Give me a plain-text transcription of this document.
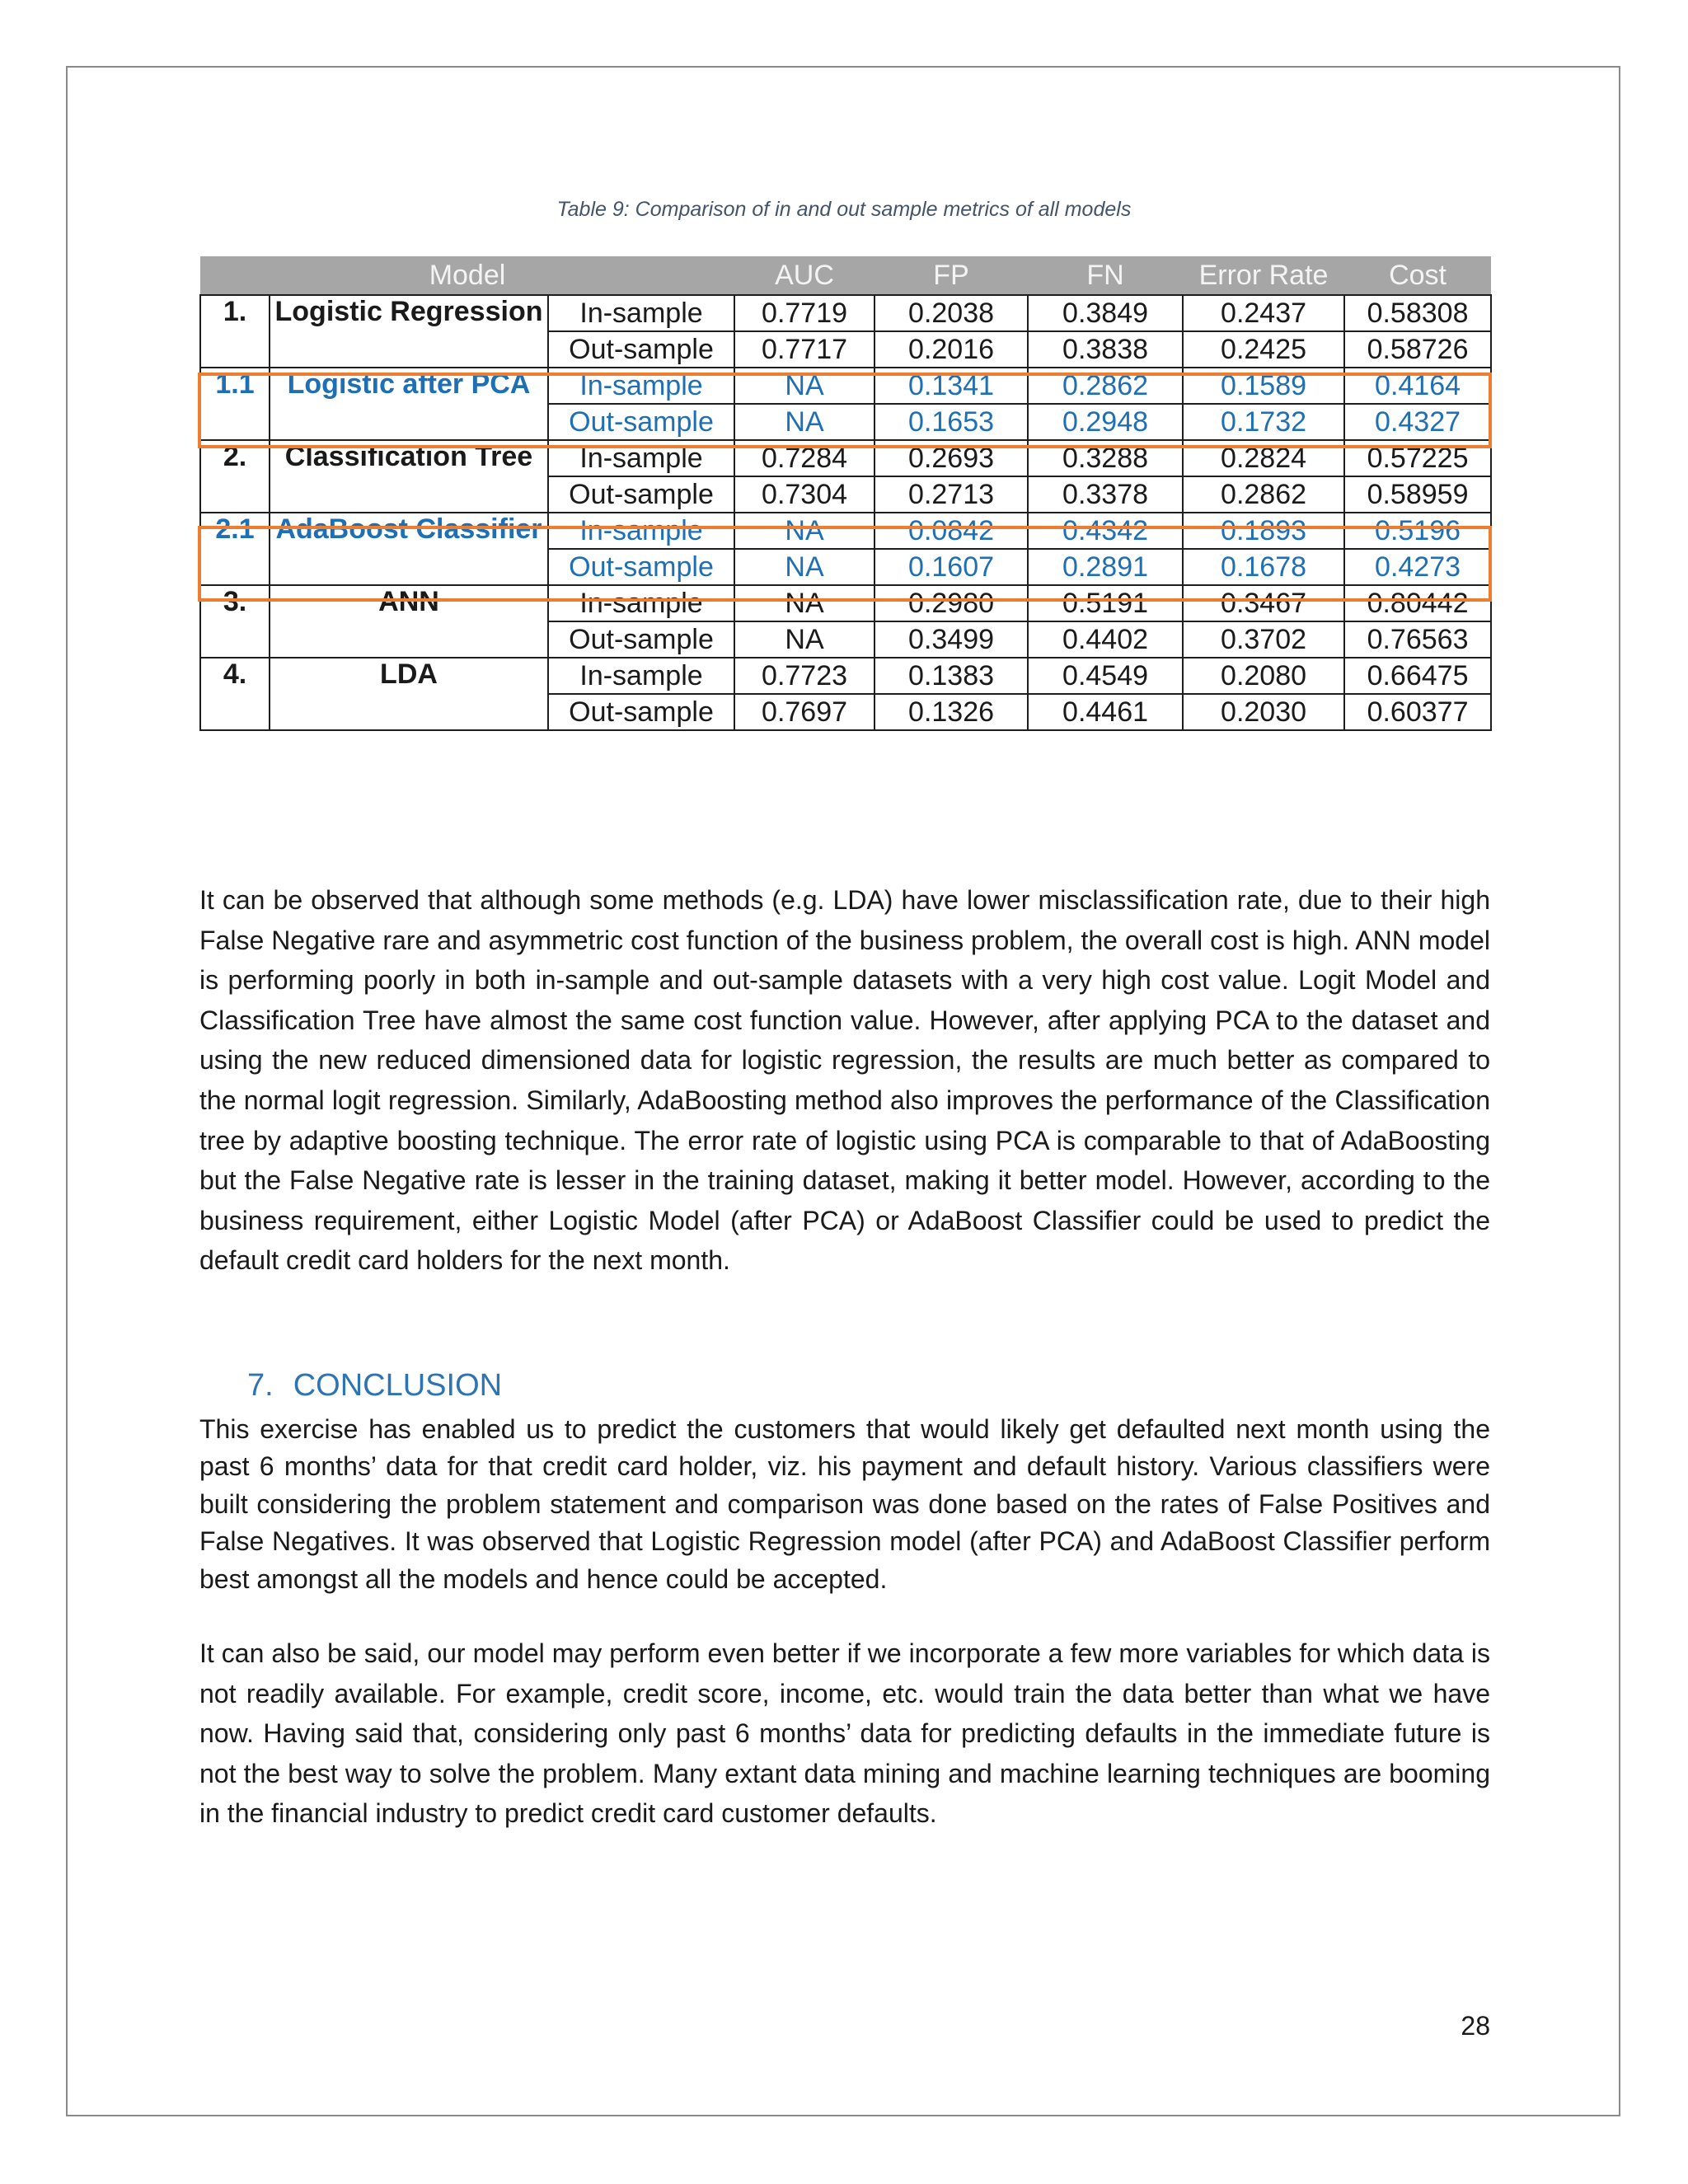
Table 9: Comparison of in and out sample metrics of all models
Model			AUC	FP	FN	Error Rate	Cost
1.	Logistic Regression	In-sample	0.7719	0.2038	0.3849	0.2437	0.58308
		Out-sample	0.7717	0.2016	0.3838	0.2425	0.58726
1.1	Logistic after PCA	In-sample	NA	0.1341	0.2862	0.1589	0.4164
		Out-sample	NA	0.1653	0.2948	0.1732	0.4327
2.	Classification Tree	In-sample	0.7284	0.2693	0.3288	0.2824	0.57225
		Out-sample	0.7304	0.2713	0.3378	0.2862	0.58959
2.1	AdaBoost Classifier	In-sample	NA	0.0842	0.4342	0.1893	0.5196
		Out-sample	NA	0.1607	0.2891	0.1678	0.4273
3.	ANN	In-sample	NA	0.2980	0.5191	0.3467	0.80442
		Out-sample	NA	0.3499	0.4402	0.3702	0.76563
4.	LDA	In-sample	0.7723	0.1383	0.4549	0.2080	0.66475
		Out-sample	0.7697	0.1326	0.4461	0.2030	0.60377

It can be observed that although some methods (e.g. LDA) have lower misclassification rate, due to their high False Negative rare and asymmetric cost function of the business problem, the overall cost is high. ANN model is performing poorly in both in-sample and out-sample datasets with a very high cost value. Logit Model and Classification Tree have almost the same cost function value. However, after applying PCA to the dataset and using the new reduced dimensioned data for logistic regression, the results are much better as compared to the normal logit regression. Similarly, AdaBoosting method also improves the performance of the Classification tree by adaptive boosting technique. The error rate of logistic using PCA is comparable to that of AdaBoosting but the False Negative rate is lesser in the training dataset, making it better model. However, according to the business requirement, either Logistic Model (after PCA) or AdaBoost Classifier could be used to predict the default credit card holders for the next month.

7. CONCLUSION

This exercise has enabled us to predict the customers that would likely get defaulted next month using the past 6 months’ data for that credit card holder, viz. his payment and default history. Various classifiers were built considering the problem statement and comparison was done based on the rates of False Positives and False Negatives. It was observed that Logistic Regression model (after PCA) and AdaBoost Classifier perform best amongst all the models and hence could be accepted.

It can also be said, our model may perform even better if we incorporate a few more variables for which data is not readily available. For example, credit score, income, etc. would train the data better than what we have now. Having said that, considering only past 6 months’ data for predicting defaults in the immediate future is not the best way to solve the problem. Many extant data mining and machine learning techniques are booming in the financial industry to predict credit card customer defaults.

28
